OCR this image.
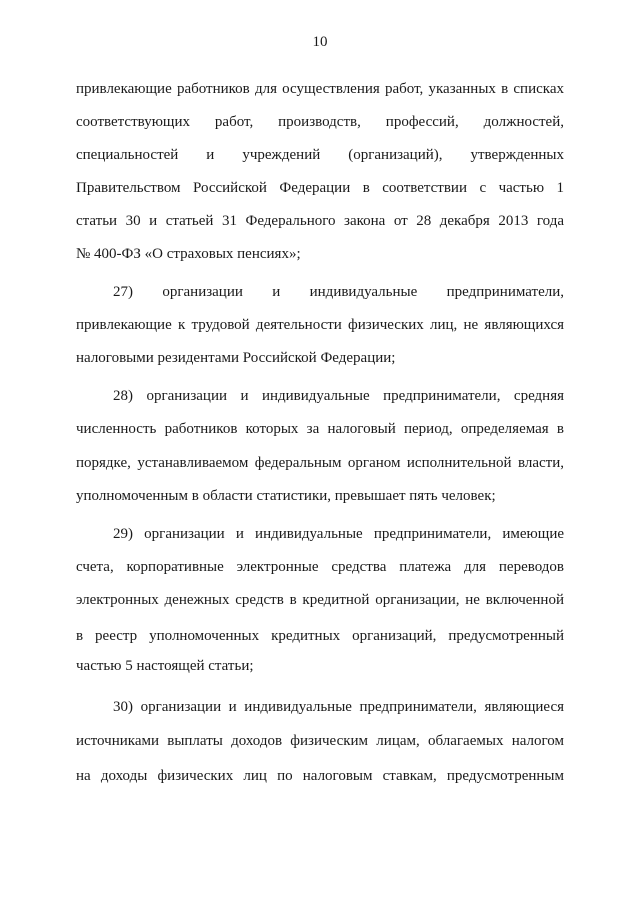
10
привлекающие работников для осуществления работ, указанных в списках
соответствующих работ, производств, профессий, должностей,
специальностей и учреждений (организаций), утвержденных
Правительством Российской Федерации в соответствии с частью 1
статьи 30 и статьей 31 Федерального закона от 28 декабря 2013 года
№ 400-ФЗ «О страховых пенсиях»;
27) организации и индивидуальные предприниматели,
привлекающие к трудовой деятельности физических лиц, не являющихся
налоговыми резидентами Российской Федерации;
28) организации и индивидуальные предприниматели, средняя
численность работников которых за налоговый период, определяемая в
порядке, устанавливаемом федеральным органом исполнительной власти,
уполномоченным в области статистики, превышает пять человек;
29) организации и индивидуальные предприниматели, имеющие
счета, корпоративные электронные средства платежа для переводов
электронных денежных средств в кредитной организации, не включенной
в реестр уполномоченных кредитных организаций, предусмотренный
частью 5 настоящей статьи;
30) организации и индивидуальные предприниматели, являющиеся
источниками выплаты доходов физическим лицам, облагаемых налогом
на доходы физических лиц по налоговым ставкам, предусмотренным
